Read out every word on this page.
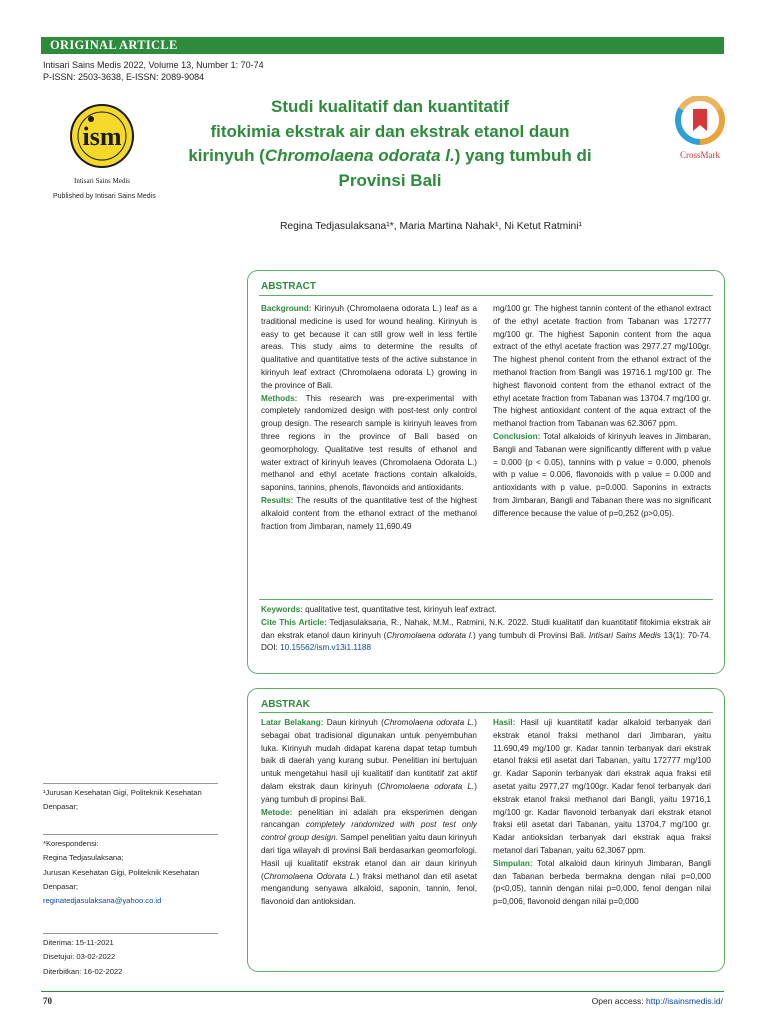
ORIGINAL ARTICLE
Intisari Sains Medis 2022, Volume 13, Number 1: 70-74
P-ISSN: 2503-3638, E-ISSN: 2089-9084
ism
Intisari Sains Medis
Published by Intisari Sains Medis
Studi kualitatif dan kuantitatif
fitokimia ekstrak air dan ekstrak etanol daun
kirinyuh (Chromolaena odorata l.) yang tumbuh di
Provinsi Bali
CrossMark
Regina Tedjasulaksana¹*, Maria Martina Nahak¹, Ni Ketut Ratmini¹
ABSTRACT

Background: Kirinyuh (Chromolaena odorata L.) leaf as a traditional medicine is used for wound healing. Kirinyuh is easy to get because it can still grow well in less fertile areas. This study aims to determine the results of qualitative and quantitative tests of the active substance in kirinyuh leaf extract (Chromolaena odorata L) growing in the province of Bali.

Methods: This research was pre-experimental with completely randomized design with post-test only control group design. The research sample is kirinyuh leaves from three regions in the province of Bali based on geomorphology. Qualitative test results of ethanol and water extract of kirinyuh leaves (Chromolaena Odorata L.) methanol and ethyl acetate fractions contain alkaloids, saponins, tannins, phenols, flavonoids and antioxidants.

Results: The results of the quantitative test of the highest alkaloid content from the ethanol extract of the methanol fraction from Jimbaran, namely 11,690.49

mg/100 gr. The highest tannin content of the ethanol extract of the ethyl acetate fraction from Tabanan was 172777 mg/100 gr. The highest Saponin content from the aqua extract of the ethyl acetate fraction was 2977.27 mg/100gr. The highest phenol content from the ethanol extract of the methanol fraction from Bangli was 19716.1 mg/100 gr. The highest flavonoid content from the ethanol extract of the ethyl acetate fraction from Tabanan was 13704.7 mg/100 gr. The highest antioxidant content of the aqua extract of the methanol fraction from Tabanan was 62.3067 ppm.

Conclusion: Total alkaloids of kirinyuh leaves in Jimbaran, Bangli and Tabanan were significantly different with p value = 0.000 (p < 0.05), tannins with p value = 0.000, phenols with p value = 0.006, flavonoids with p value = 0.000 and antioxidants with p value. p=0.000. Saponins in extracts from Jimbaran, Bangli and Tabanan there was no significant difference because the value of p=0,252 (p>0,05).

Keywords: qualitative test, quantitative test, kirinyuh leaf extract.

Cite This Article: Tedjasulaksana, R., Nahak, M.M., Ratmini, N.K. 2022. Studi kualitatif dan kuantitatif fitokimia ekstrak air dan ekstrak etanol daun kirinyuh (Chromolaena odorata l.) yang tumbuh di Provinsi Bali. Intisari Sains Medis 13(1): 70-74. DOI: 10.15562/ism.v13i1.1188

ABSTRAK

Latar Belakang: Daun kirinyuh (Chromolaena odorata L.) sebagai obat tradisional digunakan untuk penyembuhan luka. Kirinyuh mudah didapat karena dapat tetap tumbuh baik di daerah yang kurang subur. Penelitian ini bertujuan untuk mengetahui hasil uji kualitatif dan kuntitatif zat aktif dalam ekstrak daun kirinyuh (Chromolaena odorata L.) yang tumbuh di propinsi Bali.

Metode: penelitian ini adalah pra eksperimen dengan rancangan completely randomized with post test only control group design. Sampel penelitian yaitu daun kirinyuh dari tiga wilayah di provinsi Bali berdasarkan geomorfologi. Hasil uji kualitatif ekstrak etanol dan air daun kirinyuh (Chromolaena Odorata L.) fraksi methanol dan etil asetat mengandung senyawa alkaloid, saponin, tannin, fenol, flavonoid dan antioksidan.

Hasil: Hasil uji kuantitatif kadar alkaloid terbanyak dari ekstrak etanol fraksi methanol dari Jimbaran, yaitu 11.690,49 mg/100 gr. Kadar tannin terbanyak dari ekstrak etanol fraksi etil asetat dari Tabanan, yaitu 172777 mg/100 gr. Kadar Saponin terbanyak dari ekstrak aqua fraksi etil asetat yaitu 2977,27 mg/100gr. Kadar fenol terbanyak dari ekstrak etanol fraksi methanol dari Bangli, yaitu 19716,1 mg/100 gr. Kadar flavonoid terbanyak dari ekstrak etanol fraksi etil asetat dari Tabanan, yaitu 13704,7 mg/100 gr. Kadar antioksidan terbanyak dari ekstrak aqua fraksi metanol dari Tabanan, yaitu 62,3067 ppm.

Simpulan: Total alkaloid daun kirinyuh Jimbaran, Bangli dan Tabanan berbeda bermakna dengan nilai p=0,000 (p<0,05), tannin dengan nilai p=0,000, fenol dengan nilai p=0,006, flavonoid dengan nilai p=0,000

¹Jurusan Kesehatan Gigi, Politeknik Kesehatan Denpasar;
*Korespondensi:
Regina Tedjasulaksana;
Jurusan Kesehatan Gigi, Politeknik Kesehatan Denpasar;
reginatedjasulaksana@yahoo.co.id
Diterima: 15-11-2021
Disetujui: 03-02-2022
Diterbitkan: 16-02-2022
70	Open access: http://isainsmedis.id/
